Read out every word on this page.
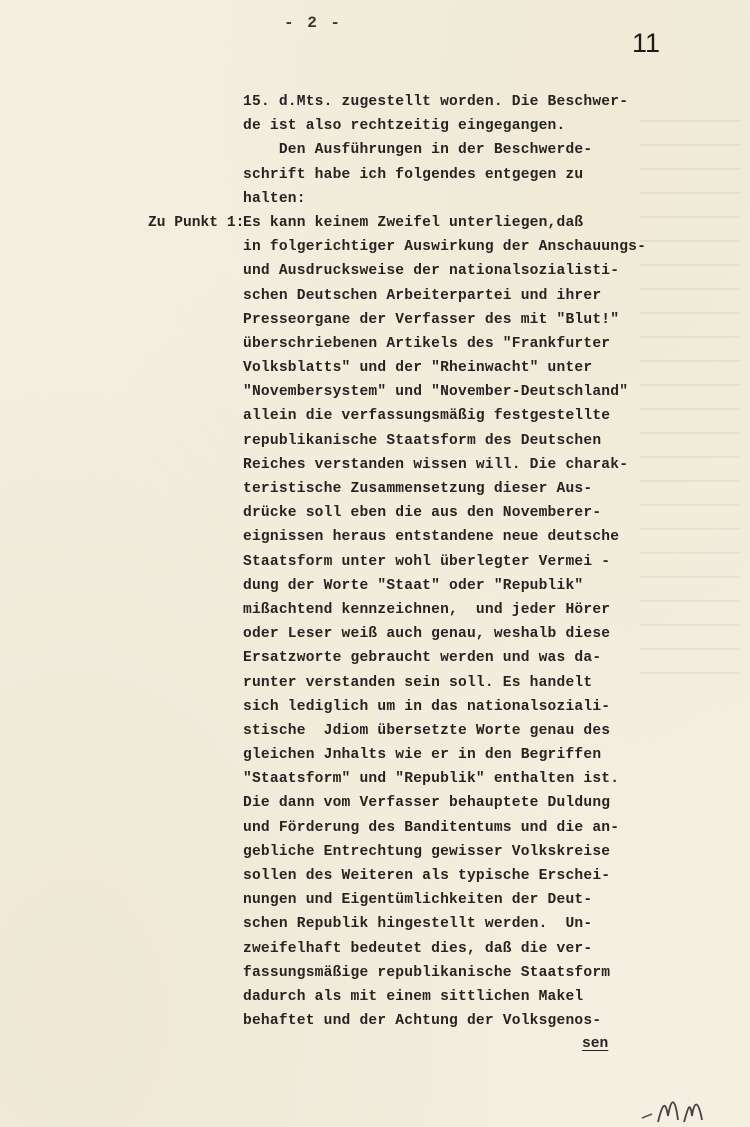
- 2 -
11
Zu Punkt 1:
15. d.Mts. zugestellt worden. Die Beschwer-
de ist also rechtzeitig eingegangen.
Den Ausführungen in der Beschwerde-
schrift habe ich folgendes entgegen zu
halten:
Es kann keinem Zweifel unterliegen,daß
in folgerichtiger Auswirkung der Anschauungs-
und Ausdrucksweise der nationalsozialisti-
schen Deutschen Arbeiterpartei und ihrer
Presseorgane der Verfasser des mit "Blut!"
überschriebenen Artikels des "Frankfurter
Volksblatts" und der "Rheinwacht" unter
"Novembersystem" und "November-Deutschland"
allein die verfassungsmäßig festgestellte
republikanische Staatsform des Deutschen
Reiches verstanden wissen will. Die charak-
teristische Zusammensetzung dieser Aus-
drücke soll eben die aus den Novemberer-
eignissen heraus entstandene neue deutsche
Staatsform unter wohl überlegter Vermei -
dung der Worte "Staat" oder "Republik"
mißachtend kennzeichnen,  und jeder Hörer
oder Leser weiß auch genau, weshalb diese
Ersatzworte gebraucht werden und was da-
runter verstanden sein soll. Es handelt
sich lediglich um in das nationalsoziali-
stische  Jdiom übersetzte Worte genau des
gleichen Jnhalts wie er in den Begriffen
"Staatsform" und "Republik" enthalten ist.
Die dann vom Verfasser behauptete Duldung
und Förderung des Banditentums und die an-
gebliche Entrechtung gewisser Volkskreise
sollen des Weiteren als typische Erschei-
nungen und Eigentümlichkeiten der Deut-
schen Republik hingestellt werden.  Un-
zweifelhaft bedeutet dies, daß die ver-
fassungsmäßige republikanische Staatsform
dadurch als mit einem sittlichen Makel
behaftet und der Achtung der Volksgenos-
sen
